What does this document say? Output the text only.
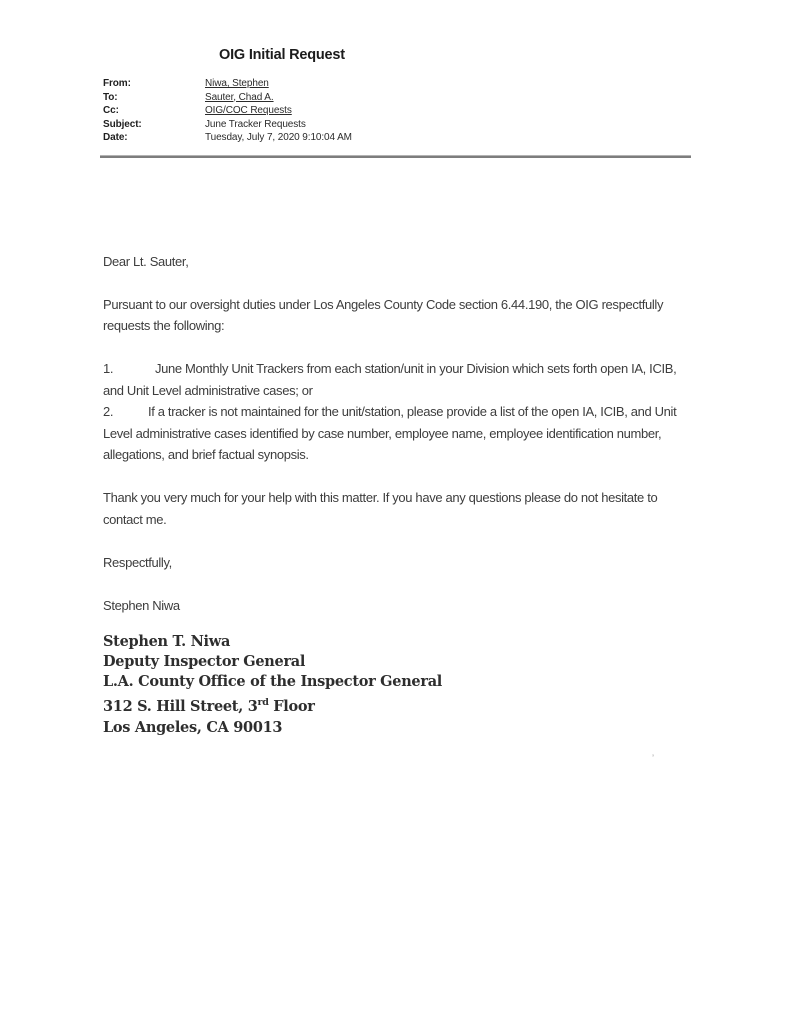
OIG Initial Request
From:	Niwa, Stephen
To:	Sauter, Chad A.
Cc:	OIG/COC Requests
Subject:	June Tracker Requests
Date:	Tuesday, July 7, 2020 9:10:04 AM
Dear Lt. Sauter,
Pursuant to our oversight duties under Los Angeles County Code section 6.44.190, the OIG respectfully requests the following:
1.	June Monthly Unit Trackers from each station/unit in your Division which sets forth open IA, ICIB, and Unit Level administrative cases; or
2.	If a tracker is not maintained for the unit/station, please provide a list of the open IA, ICIB, and Unit Level administrative cases identified by case number, employee name, employee identification number, allegations, and brief factual synopsis.
Thank you very much for your help with this matter. If you have any questions please do not hesitate to contact me.
Respectfully,
Stephen Niwa
Stephen T. Niwa
Deputy Inspector General
L.A. County Office of the Inspector General
312 S. Hill Street, 3rd Floor
Los Angeles, CA 90013
’
